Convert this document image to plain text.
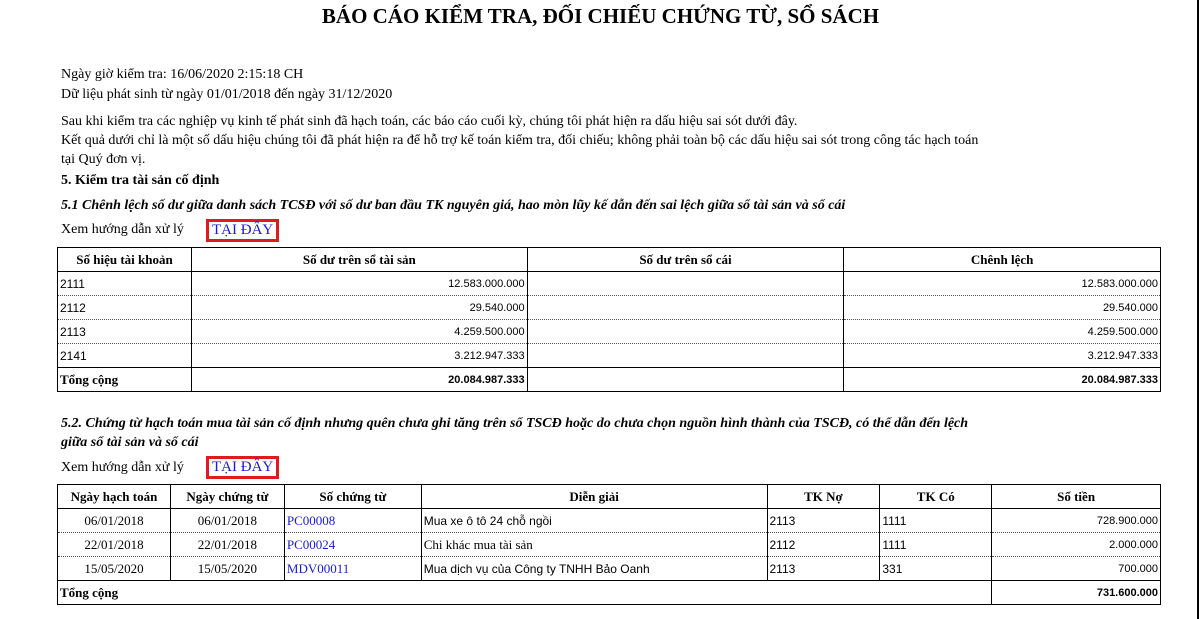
BÁO CÁO KIỂM TRA, ĐỐI CHIẾU CHỨNG TỪ, SỔ SÁCH
Ngày giờ kiểm tra: 16/06/2020 2:15:18 CH
Dữ liệu phát sinh từ ngày 01/01/2018 đến ngày 31/12/2020
Sau khi kiểm tra các nghiệp vụ kinh tế phát sinh đã hạch toán, các báo cáo cuối kỳ, chúng tôi phát hiện ra dấu hiệu sai sót dưới đây.
Kết quả dưới chỉ là một số dấu hiệu chúng tôi đã phát hiện ra để hỗ trợ kế toán kiểm tra, đối chiếu; không phải toàn bộ các dấu hiệu sai sót trong công tác hạch toán
tại Quý đơn vị.
5. Kiểm tra tài sản cố định
5.1 Chênh lệch số dư giữa danh sách TCSĐ với số dư ban đầu TK nguyên giá, hao mòn lũy kế dẫn đến sai lệch giữa sổ tài sản và sổ cái
Xem hướng dẫn xử lý	TẠI ĐÂY
Số hiệu tài khoản	Số dư trên sổ tài sản	Số dư trên sổ cái	Chênh lệch
2111	12.583.000.000		12.583.000.000
2112	29.540.000		29.540.000
2113	4.259.500.000		4.259.500.000
2141	3.212.947.333		3.212.947.333
Tổng cộng	20.084.987.333		20.084.987.333
5.2. Chứng từ hạch toán mua tài sản cố định nhưng quên chưa ghi tăng trên sổ TSCĐ hoặc do chưa chọn nguồn hình thành của TSCĐ, có thể dẫn đến lệch
giữa sổ tài sản và sổ cái
Xem hướng dẫn xử lý	TẠI ĐÂY
Ngày hạch toán	Ngày chứng từ	Số chứng từ	Diễn giải	TK Nợ	TK Có	Số tiền
06/01/2018	06/01/2018	PC00008	Mua xe ô tô 24 chỗ ngồi	2113	1111	728.900.000
22/01/2018	22/01/2018	PC00024	Chi khác mua tài sản	2112	1111	2.000.000
15/05/2020	15/05/2020	MDV00011	Mua dịch vụ của Công ty TNHH Bảo Oanh	2113	331	700.000
Tổng cộng						731.600.000
